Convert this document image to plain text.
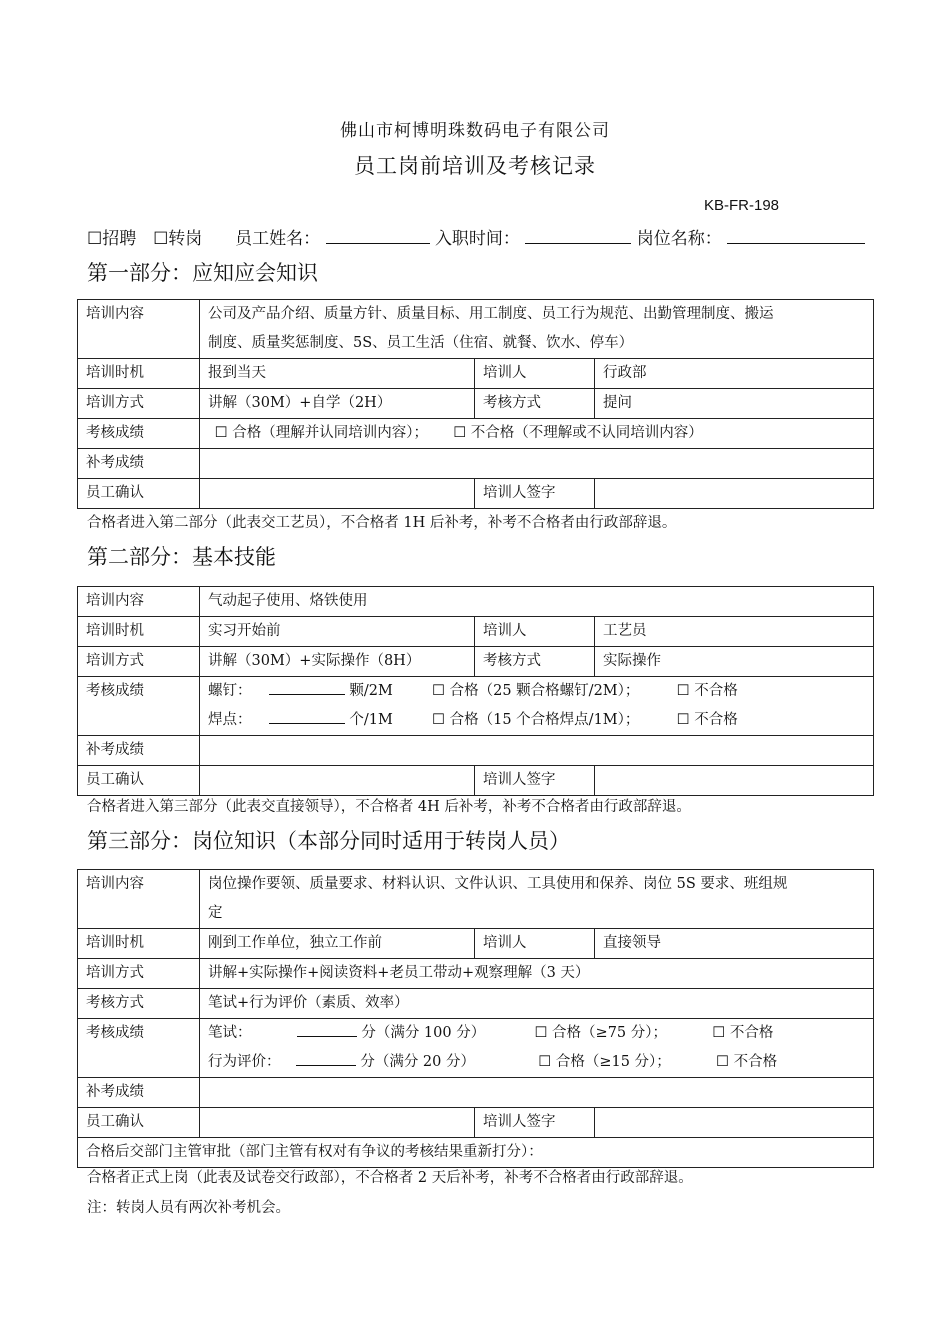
佛山市柯博明珠数码电子有限公司
员工岗前培训及考核记录
KB-FR-198
☐招聘 ☐转岗 员工姓名：	入职时间：	岗位名称：
第一部分：应知应会知识
培训内容	公司及产品介绍、质量方针、质量目标、用工制度、员工行为规范、出勤管理制度、搬运
制度、质量奖惩制度、5S、员工生活（住宿、就餐、饮水、停车）		

培训时机	报到当天	培训人	行政部
培训方式	讲解（30M）+自学（2H）	考核方式	提问
考核成绩	☐ 合格（理解并认同培训内容）； ☐ 不合格（不理解或不认同培训内容）		
补考成绩			
员工确认		培训人签字	
合格者进入第二部分（此表交工艺员），不合格者 1H 后补考，补考不合格者由行政部辞退。
第二部分：基本技能
培训内容	气动起子使用、烙铁使用		
培训时机	实习开始前	培训人	工艺员
培训方式	讲解（30M）+实际操作（8H）	考核方式	实际操作
考核成绩	螺钉： 颗/2M ☐ 合格（25 颗合格螺钉/2M）； ☐ 不合格
焊点： 个/1M ☐ 合格（15 个合格焊点/1M）； ☐ 不合格		

补考成绩			
员工确认		培训人签字	
合格者进入第三部分（此表交直接领导），不合格者 4H 后补考，补考不合格者由行政部辞退。
第三部分：岗位知识（本部分同时适用于转岗人员）
培训内容	岗位操作要领、质量要求、材料认识、文件认识、工具使用和保养、岗位 5S 要求、班组规
定		

培训时机	刚到工作单位，独立工作前	培训人	直接领导
培训方式	讲解+实际操作+阅读资料+老员工带动+观察理解（3 天）		
考核方式	笔试+行为评价（素质、效率）		
考核成绩	笔试： 分（满分 100 分） ☐ 合格（≥75 分）； ☐ 不合格
行为评价： 分（满分 20 分） ☐ 合格（≥15 分）； ☐ 不合格		

补考成绩			
员工确认		培训人签字	
合格后交部门主管审批（部门主管有权对有争议的考核结果重新打分）：			
合格者正式上岗（此表及试卷交行政部），不合格者 2 天后补考，补考不合格者由行政部辞退。
注：转岗人员有两次补考机会。
